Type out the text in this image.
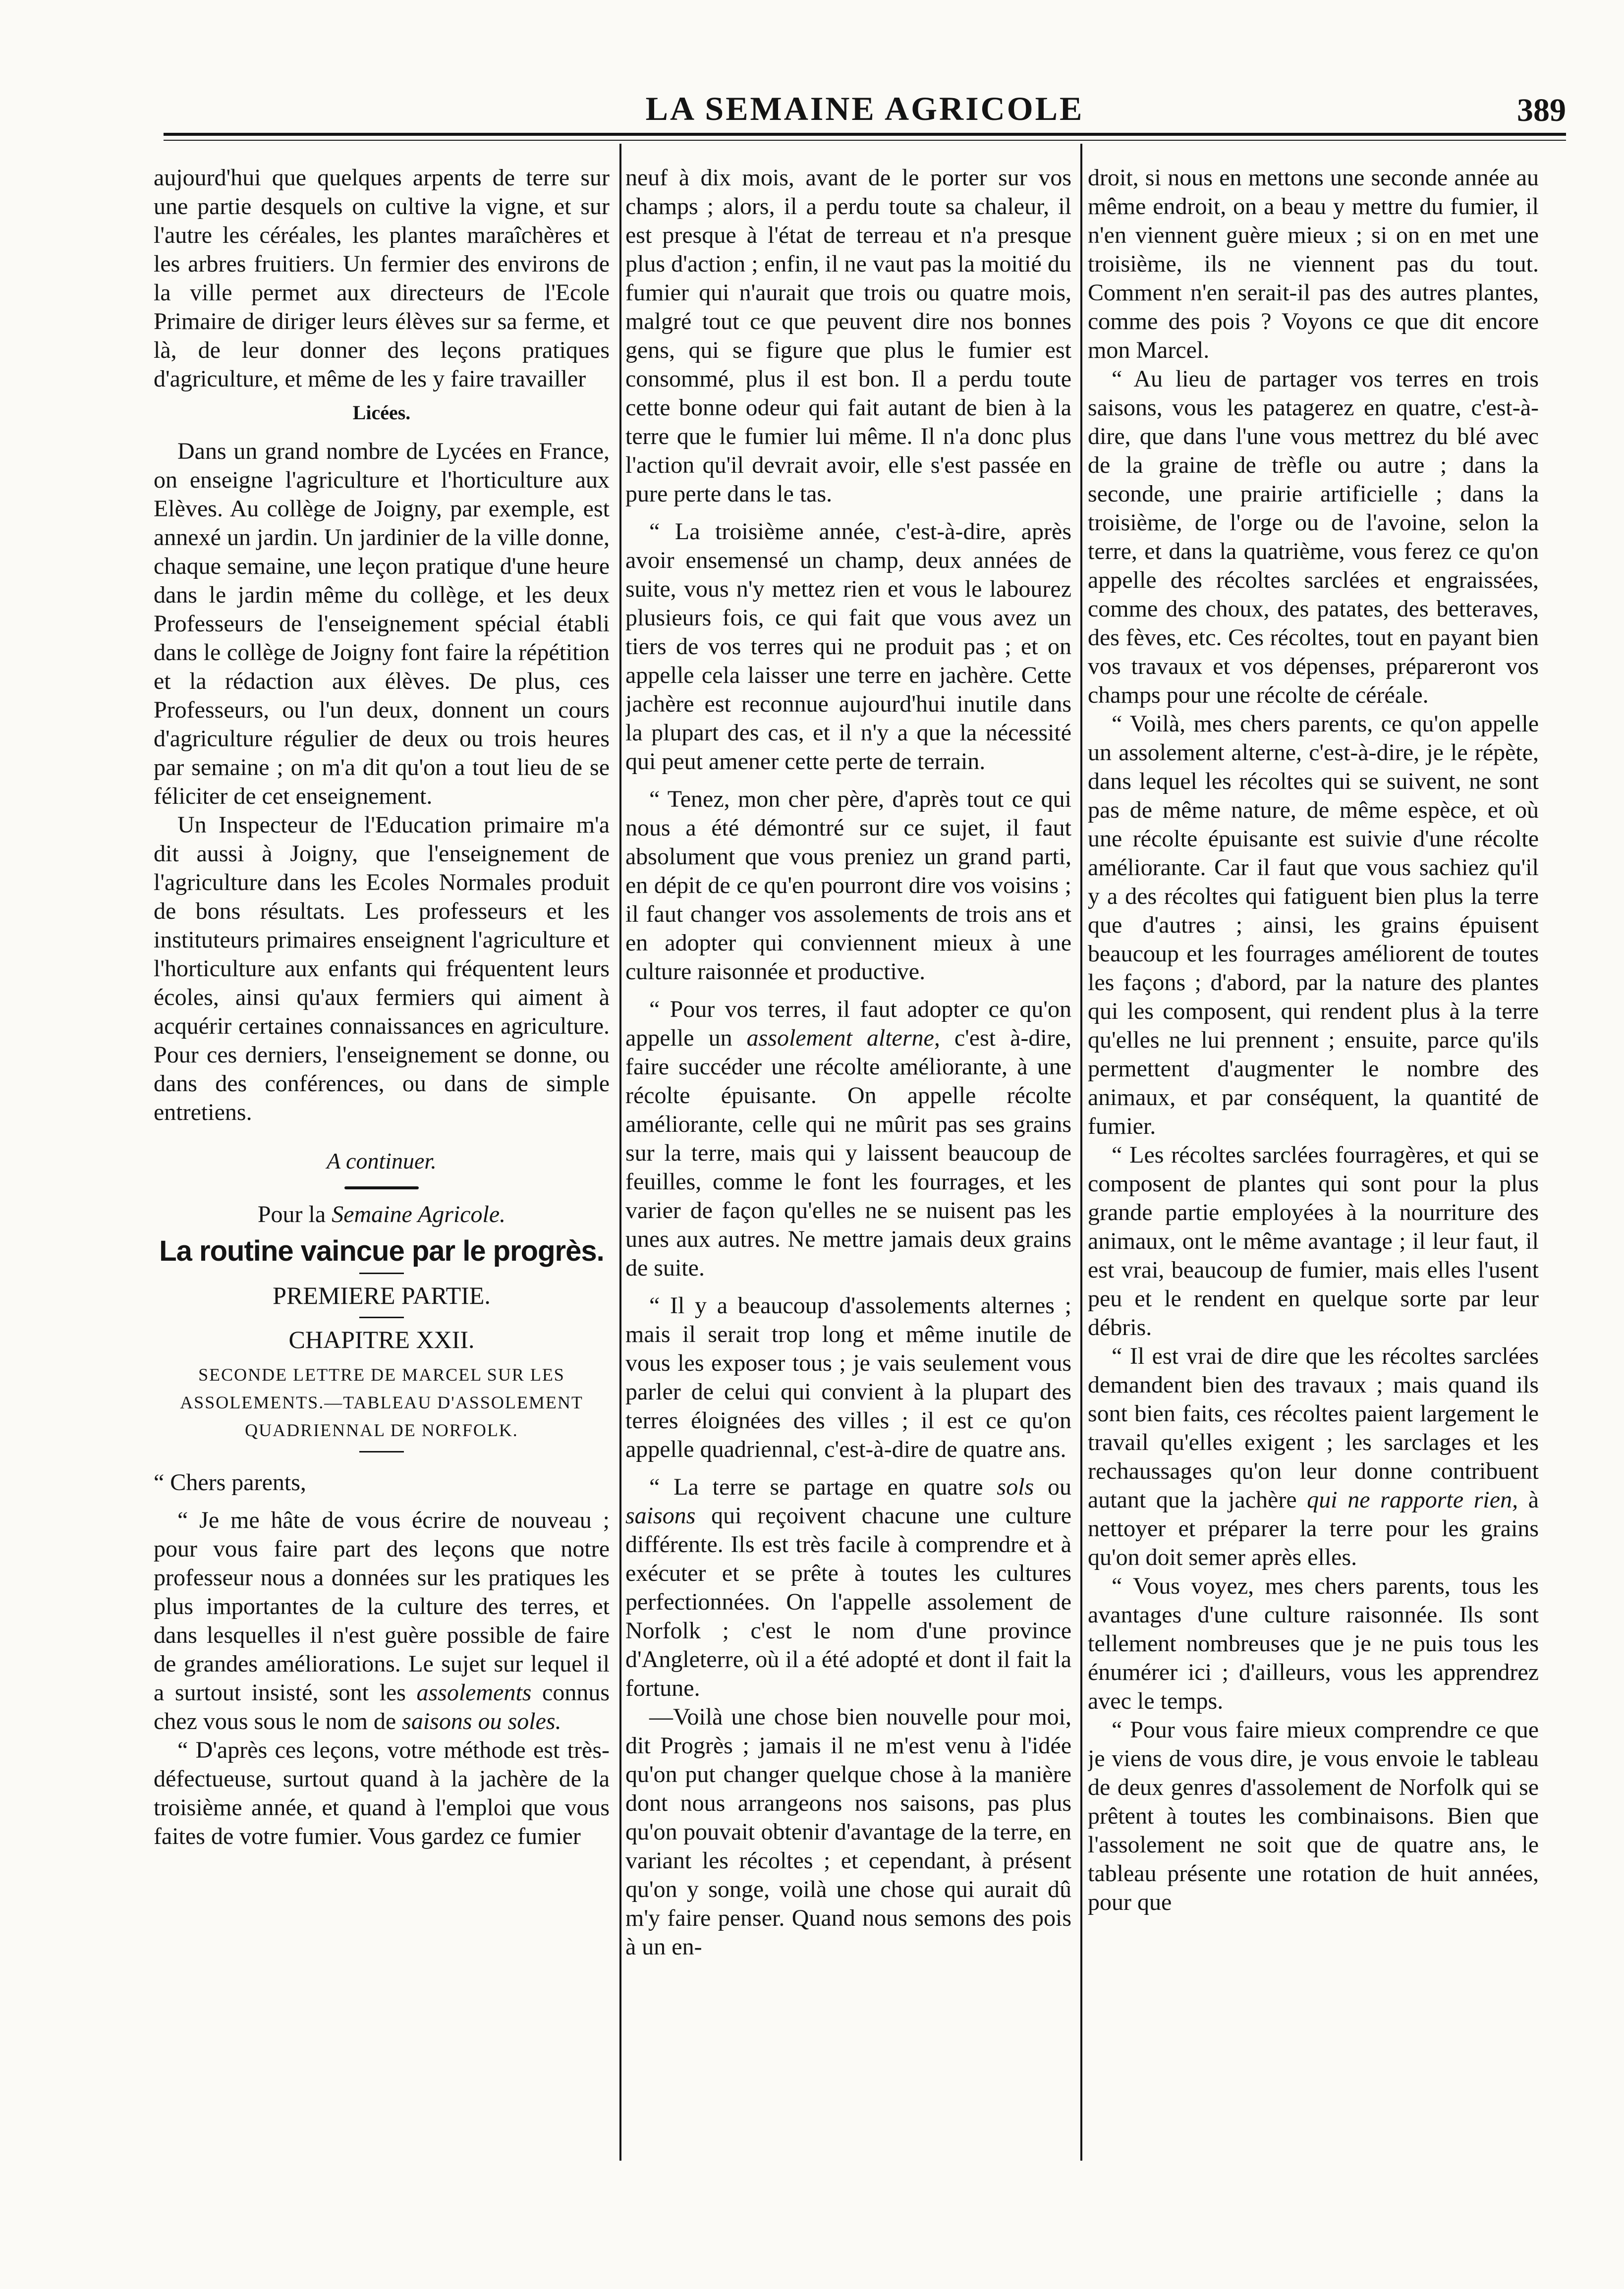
LA SEMAINE AGRICOLE	389

aujourd'hui que quelques arpents de terre sur une partie desquels on cultive la vigne, et sur l'autre les céréales, les plantes maraîchères et les arbres fruitiers. Un fermier des environs de la ville permet aux directeurs de l'Ecole Primaire de diriger leurs élèves sur sa ferme, et là, de leur donner des leçons pratiques d'agriculture, et même de les y faire travailler

Licées.

Dans un grand nombre de Lycées en France, on enseigne l'agriculture et l'horticulture aux Elèves. Au collège de Joigny, par exemple, est annexé un jardin. Un jardinier de la ville donne, chaque semaine, une leçon pratique d'une heure dans le jardin même du collège, et les deux Professeurs de l'enseignement spécial établi dans le collège de Joigny font faire la répétition et la rédaction aux élèves. De plus, ces Professeurs, ou l'un deux, donnent un cours d'agriculture régulier de deux ou trois heures par semaine ; on m'a dit qu'on a tout lieu de se féliciter de cet enseignement.

Un Inspecteur de l'Education primaire m'a dit aussi à Joigny, que l'enseignement de l'agriculture dans les Ecoles Normales produit de bons résultats. Les professeurs et les instituteurs primaires enseignent l'agriculture et l'horticulture aux enfants qui fréquentent leurs écoles, ainsi qu'aux fermiers qui aiment à acquérir certaines connaissances en agriculture. Pour ces derniers, l'enseignement se donne, ou dans des conférences, ou dans de simple entretiens.

A continuer.
Pour la Semaine Agricole.
La routine vaincue par le progrès.
PREMIERE PARTIE.
CHAPITRE XXII.
SECONDE LETTRE DE MARCEL SUR LES ASSOLEMENTS.—TABLEAU D'ASSOLEMENT QUADRIENNAL DE NORFOLK.

“ Chers parents,

“ Je me hâte de vous écrire de nouveau ; pour vous faire part des leçons que notre professeur nous a données sur les pratiques les plus importantes de la culture des terres, et dans lesquelles il n'est guère possible de faire de grandes améliorations. Le sujet sur lequel il a surtout insisté, sont les assolements connus chez vous sous le nom de saisons ou soles.

“ D'après ces leçons, votre méthode est très-défectueuse, surtout quand à la jachère de la troisième année, et quand à l'emploi que vous faites de votre fumier. Vous gardez ce fumier

neuf à dix mois, avant de le porter sur vos champs ; alors, il a perdu toute sa chaleur, il est presque à l'état de terreau et n'a presque plus d'action ; enfin, il ne vaut pas la moitié du fumier qui n'aurait que trois ou quatre mois, malgré tout ce que peuvent dire nos bonnes gens, qui se figure que plus le fumier est consommé, plus il est bon. Il a perdu toute cette bonne odeur qui fait autant de bien à la terre que le fumier lui même. Il n'a donc plus l'action qu'il devrait avoir, elle s'est passée en pure perte dans le tas.

“ La troisième année, c'est-à-dire, après avoir ensemensé un champ, deux années de suite, vous n'y mettez rien et vous le labourez plusieurs fois, ce qui fait que vous avez un tiers de vos terres qui ne produit pas ; et on appelle cela laisser une terre en jachère. Cette jachère est reconnue aujourd'hui inutile dans la plupart des cas, et il n'y a que la nécessité qui peut amener cette perte de terrain.

“ Tenez, mon cher père, d'après tout ce qui nous a été démontré sur ce sujet, il faut absolument que vous preniez un grand parti, en dépit de ce qu'en pourront dire vos voisins ; il faut changer vos assolements de trois ans et en adopter qui conviennent mieux à une culture raisonnée et productive.

“ Pour vos terres, il faut adopter ce qu'on appelle un assolement alterne, c'est à-dire, faire succéder une récolte améliorante, à une récolte épuisante. On appelle récolte améliorante, celle qui ne mûrit pas ses grains sur la terre, mais qui y laissent beaucoup de feuilles, comme le font les fourrages, et les varier de façon qu'elles ne se nuisent pas les unes aux autres. Ne mettre jamais deux grains de suite.

“ Il y a beaucoup d'assolements alternes ; mais il serait trop long et même inutile de vous les exposer tous ; je vais seulement vous parler de celui qui convient à la plupart des terres éloignées des villes ; il est ce qu'on appelle quadriennal, c'est-à-dire de quatre ans.

“ La terre se partage en quatre sols ou saisons qui reçoivent chacune une culture différente. Ils est très facile à comprendre et à exécuter et se prête à toutes les cultures perfectionnées. On l'appelle assolement de Norfolk ; c'est le nom d'une province d'Angleterre, où il a été adopté et dont il fait la fortune.

—Voilà une chose bien nouvelle pour moi, dit Progrès ; jamais il ne m'est venu à l'idée qu'on put changer quelque chose à la manière dont nous arrangeons nos saisons, pas plus qu'on pouvait obtenir d'avantage de la terre, en variant les récoltes ; et cependant, à présent qu'on y songe, voilà une chose qui aurait dû m'y faire penser. Quand nous semons des pois à un en-

droit, si nous en mettons une seconde année au même endroit, on a beau y mettre du fumier, il n'en viennent guère mieux ; si on en met une troisième, ils ne viennent pas du tout. Comment n'en serait-il pas des autres plantes, comme des pois ? Voyons ce que dit encore mon Marcel.

“ Au lieu de partager vos terres en trois saisons, vous les patagerez en quatre, c'est-à-dire, que dans l'une vous mettrez du blé avec de la graine de trèfle ou autre ; dans la seconde, une prairie artificielle ; dans la troisième, de l'orge ou de l'avoine, selon la terre, et dans la quatrième, vous ferez ce qu'on appelle des récoltes sarclées et engraissées, comme des choux, des patates, des betteraves, des fèves, etc. Ces récoltes, tout en payant bien vos travaux et vos dépenses, prépareront vos champs pour une récolte de céréale.

“ Voilà, mes chers parents, ce qu'on appelle un assolement alterne, c'est-à-dire, je le répète, dans lequel les récoltes qui se suivent, ne sont pas de même nature, de même espèce, et où une récolte épuisante est suivie d'une récolte améliorante. Car il faut que vous sachiez qu'il y a des récoltes qui fatiguent bien plus la terre que d'autres ; ainsi, les grains épuisent beaucoup et les fourrages améliorent de toutes les façons ; d'abord, par la nature des plantes qui les composent, qui rendent plus à la terre qu'elles ne lui prennent ; ensuite, parce qu'ils permettent d'augmenter le nombre des animaux, et par conséquent, la quantité de fumier.

“ Les récoltes sarclées fourragères, et qui se composent de plantes qui sont pour la plus grande partie employées à la nourriture des animaux, ont le même avantage ; il leur faut, il est vrai, beaucoup de fumier, mais elles l'usent peu et le rendent en quelque sorte par leur débris.

“ Il est vrai de dire que les récoltes sarclées demandent bien des travaux ; mais quand ils sont bien faits, ces récoltes paient largement le travail qu'elles exigent ; les sarclages et les rechaussages qu'on leur donne contribuent autant que la jachère qui ne rapporte rien, à nettoyer et préparer la terre pour les grains qu'on doit semer après elles.

“ Vous voyez, mes chers parents, tous les avantages d'une culture raisonnée. Ils sont tellement nombreuses que je ne puis tous les énumérer ici ; d'ailleurs, vous les apprendrez avec le temps.

“ Pour vous faire mieux comprendre ce que je viens de vous dire, je vous envoie le tableau de deux genres d'assolement de Norfolk qui se prêtent à toutes les combinaisons. Bien que l'assolement ne soit que de quatre ans, le tableau présente une rotation de huit années, pour que
